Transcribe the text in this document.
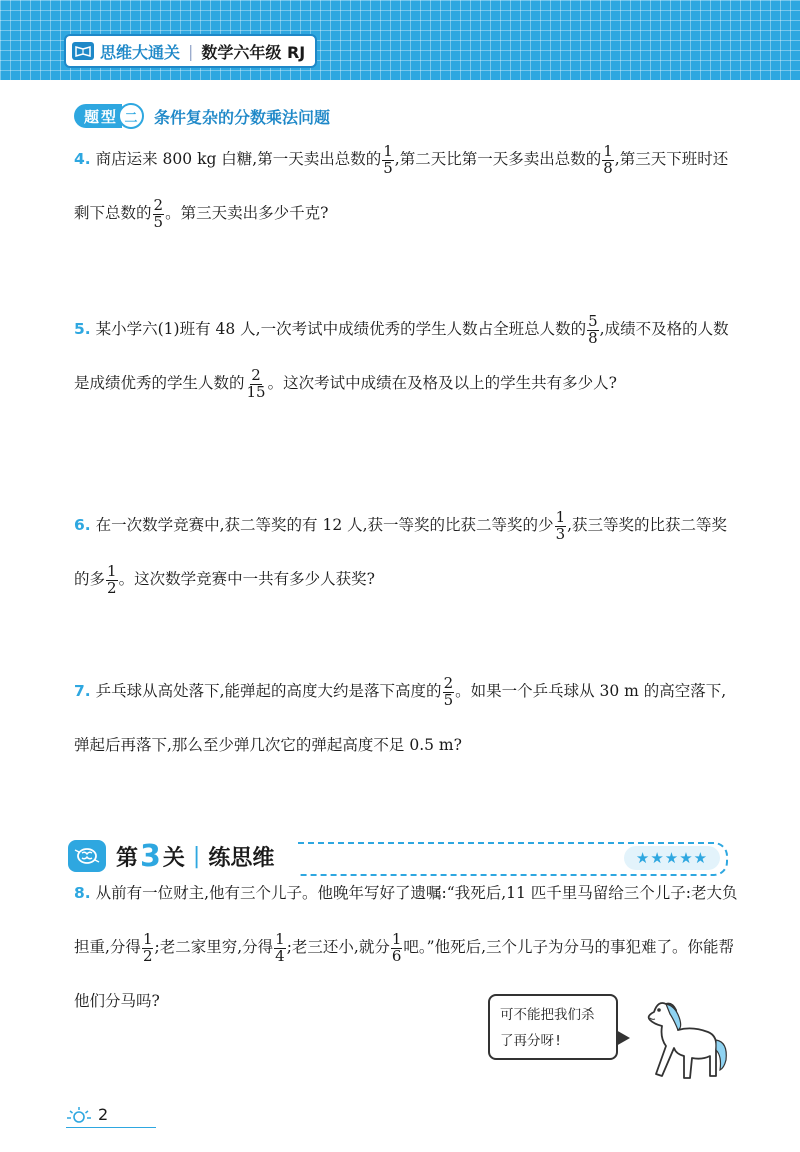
思维大通关 | 数学六年级 RJ
题型 二	条件复杂的分数乘法问题
4. 商店运来 800 kg 白糖,第一天卖出总数的 $\frac{1}{5}$ ,第二天比第一天多卖出总数的 $\frac{1}{8}$ ,第三天下班时还剩下总数的 $\frac{2}{5}$ 。第三天卖出多少千克?
5. 某小学六(1)班有 48 人,一次考试中成绩优秀的学生人数占全班总人数的 $\frac{5}{8}$ ,成绩不及格的人数是成绩优秀的学生人数的 $\frac{2}{15}$ 。这次考试中成绩在及格及以上的学生共有多少人?
6. 在一次数学竞赛中,获二等奖的有 12 人,获一等奖的比获二等奖的少 $\frac{1}{3}$ ,获三等奖的比获二等奖的多 $\frac{1}{2}$ 。这次数学竞赛中一共有多少人获奖?
7. 乒乓球从高处落下,能弹起的高度大约是落下高度的 $\frac{2}{5}$ 。如果一个乒乓球从 30 m 的高空落下,弹起后再落下,那么至少弹几次它的弹起高度不足 0.5 m?
第 3 关 | 练思维	★★★★★
8. 从前有一位财主,他有三个儿子。他晚年写好了遗嘱:“我死后,11 匹千里马留给三个儿子:老大负担重,分得 $\frac{1}{2}$ ;老二家里穷,分得 $\frac{1}{4}$ ;老三还小,就分 $\frac{1}{6}$ 吧。”他死后,三个儿子为分马的事犯难了。你能帮他们分马吗?
可不能把我们杀
了再分呀!
2
